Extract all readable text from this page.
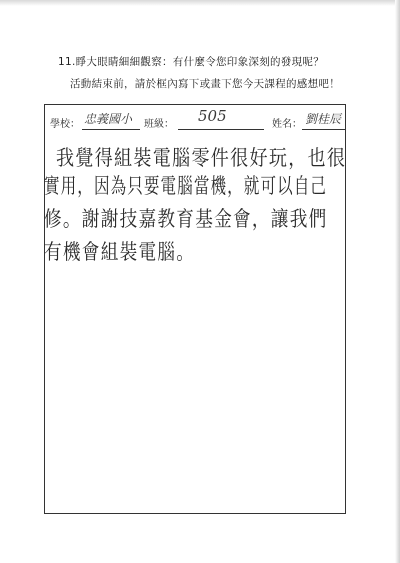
11.睜大眼睛細細觀察：有什麼令您印象深刻的發現呢？
活動結束前，請於框內寫下或畫下您今天課程的感想吧！
學校： 忠義國小 班級： 505	姓名： 劉桂辰
我覺得組裝電腦零件很好玩，也很
實用，因為只要電腦當機，就可以自己
修。謝謝技嘉教育基金會，讓我們
有機會組裝電腦。
